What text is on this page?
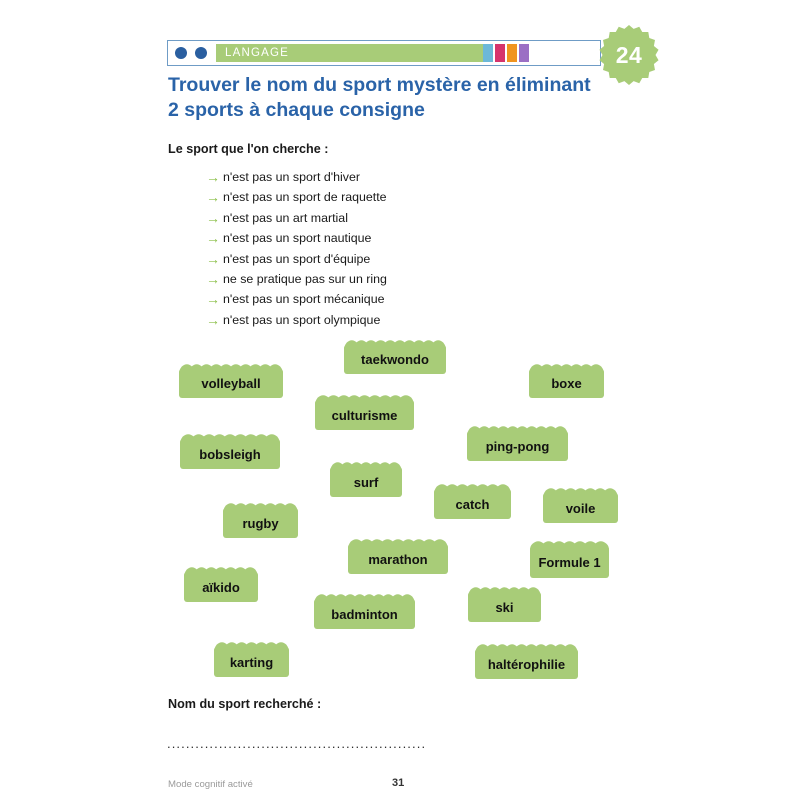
LANGAGE	24
Trouver le nom du sport mystère en éliminant
2 sports à chaque consigne
Le sport que l'on cherche :
→ n'est pas un sport d'hiver
→ n'est pas un sport de raquette
→ n'est pas un art martial
→ n'est pas un sport nautique
→ n'est pas un sport d'équipe
→ ne se pratique pas sur un ring
→ n'est pas un sport mécanique
→ n'est pas un sport olympique
volleyball
taekwondo
boxe
culturisme
ping-pong
bobsleigh
surf
catch	voile
rugby
marathon	Formule 1
aïkido
ski
badminton
karting	haltérophilie
Nom du sport recherché :
.......................................................
Mode cognitif activé	31
